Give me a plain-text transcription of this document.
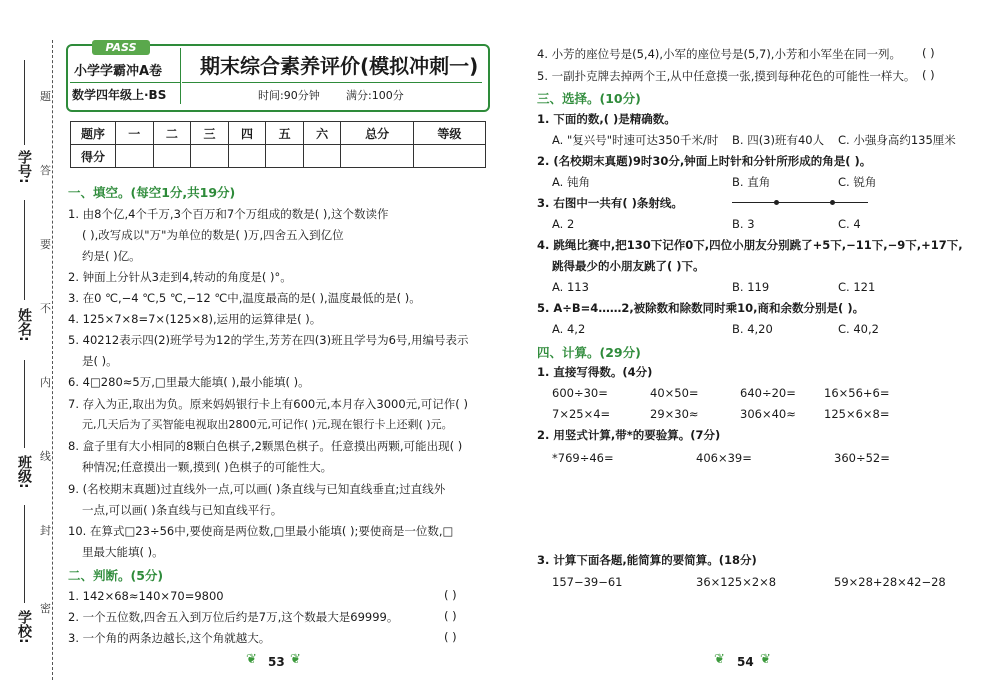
学号:
姓名:
班级:
学校:
题
答
要
不
内
线
封
密
PASS
小学学霸冲A卷
数学四年级上·BS
期末综合素养评价(模拟冲刺一)
时间:90分钟 满分:100分
题序	一	二	三	四	五	六	总分	等级
得分								
一、填空。(每空1分,共19分)
1. 由8个亿,4个千万,3个百万和7个万组成的数是( ),这个数读作
( ),改写成以"万"为单位的数是( )万,四舍五入到亿位
约是( )亿。
2. 钟面上分针从3走到4,转动的角度是( )°。
3. 在0 ℃,−4 ℃,5 ℃,−12 ℃中,温度最高的是( ),温度最低的是( )。
4. 125×7×8=7×(125×8),运用的运算律是( )。
5. 40212表示四(2)班学号为12的学生,芳芳在四(3)班且学号为6号,用编号表示
是( )。
6. 4□280≈5万,□里最大能填( ),最小能填( )。
7. 存入为正,取出为负。原来妈妈银行卡上有600元,本月存入3000元,可记作( )
元,几天后为了买智能电视取出2800元,可记作( )元,现在银行卡上还剩( )元。
8. 盒子里有大小相同的8颗白色棋子,2颗黑色棋子。任意摸出两颗,可能出现( )
种情况;任意摸出一颗,摸到( )色棋子的可能性大。
9. (名校期末真题)过直线外一点,可以画( )条直线与已知直线垂直;过直线外
一点,可以画( )条直线与已知直线平行。
10. 在算式□23÷56中,要使商是两位数,□里最小能填( );要使商是一位数,□
里最大能填( )。
二、判断。(5分)
1. 142×68≈140×70=9800	( )
2. 一个五位数,四舍五入到万位后约是7万,这个数最大是69999。	( )
3. 一个角的两条边越长,这个角就越大。	( )
❦ 53 ❦
4. 小芳的座位号是(5,4),小军的座位号是(5,7),小芳和小军坐在同一列。 ( )
5. 一副扑克牌去掉两个王,从中任意摸一张,摸到每种花色的可能性一样大。 ( )
三、选择。(10分)
1. 下面的数,( )是精确数。
A. "复兴号"时速可达350千米/时 B. 四(3)班有40人 C. 小强身高约135厘米
2. (名校期末真题)9时30分,钟面上时针和分针所形成的角是( )。
A. 钝角	B. 直角	C. 锐角
3. 右图中一共有( )条射线。
A. 2	B. 3	C. 4
4. 跳绳比赛中,把130下记作0下,四位小朋友分别跳了+5下,−11下,−9下,+17下,
跳得最少的小朋友跳了( )下。
A. 113	B. 119	C. 121
5. A÷B=4……2,被除数和除数同时乘10,商和余数分别是( )。
A. 4,2	B. 4,20	C. 40,2
四、计算。(29分)
1. 直接写得数。(4分)
600÷30=	40×50=	640÷20= 16×56+6=
7×25×4=	29×30≈	306×40≈ 125×6×8=
2. 用竖式计算,带*的要验算。(7分)
*769÷46=	406×39=	360÷52=
3. 计算下面各题,能简算的要简算。(18分)
157−39−61	36×125×2×8	59×28+28×42−28
❦ 54 ❦
